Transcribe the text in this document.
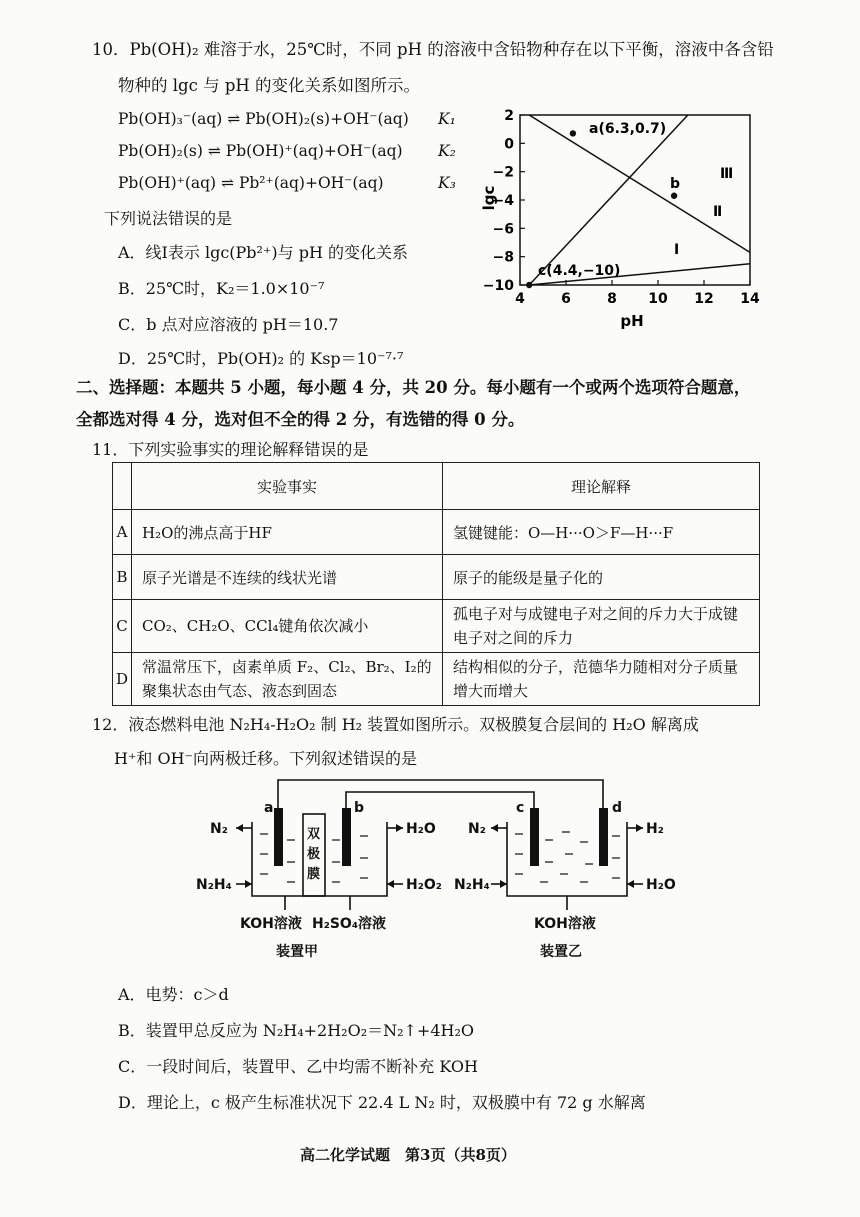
10．Pb(OH)₂ 难溶于水，25℃时，不同 pH 的溶液中含铅物种存在以下平衡，溶液中各含铅
物种的 lgc 与 pH 的变化关系如图所示。
Pb(OH)₃⁻(aq) ⇌ Pb(OH)₂(s)+OH⁻(aq) K₁
Pb(OH)₂(s) ⇌ Pb(OH)⁺(aq)+OH⁻(aq) K₂
Pb(OH)⁺(aq) ⇌ Pb²⁺(aq)+OH⁻(aq)	K₃
下列说法错误的是
A．线Ⅰ表示 lgc(Pb²⁺)与 pH 的变化关系
B．25℃时，K₂＝1.0×10⁻⁷
C．b 点对应溶液的 pH＝10.7
D．25℃时，Pb(OH)₂ 的 Ksp＝10⁻⁷·⁷
4	6	8 10 12 14
2
0
−2
−4
−6
−8
−10
lgc
pH
a(6.3,0.7)
b
c(4.4,−10)
Ⅰ
Ⅱ
Ⅲ
二、选择题：本题共 5 小题，每小题 4 分，共 20 分。每小题有一个或两个选项符合题意，
全都选对得 4 分，选对但不全的得 2 分，有选错的得 0 分。
11．下列实验事实的理论解释错误的是
	实验事实	理论解释
A	H₂O的沸点高于HF	氢键键能：O—H···O＞F—H···F
B	原子光谱是不连续的线状光谱	原子的能级是量子化的
C	CO₂、CH₂O、CCl₄键角依次减小	孤电子对与成键电子对之间的斥力大于成键电子对之间的斥力
D	常温常压下，卤素单质 F₂、Cl₂、Br₂、I₂的聚集状态由气态、液态到固态	结构相似的分子，范德华力随相对分子质量增大而增大
12．液态燃料电池 N₂H₄-H₂O₂ 制 H₂ 装置如图所示。双极膜复合层间的 H₂O 解离成
H⁺和 OH⁻向两极迁移。下列叙述错误的是
a	b	c	d
N₂
N₂H₄
H₂O
H₂O₂
KOH溶液 H₂SO₄溶液
装置甲
N₂
N₂H₄
H₂
H₂O
KOH溶液
装置乙
双
极
膜
A．电势：c＞d
B．装置甲总反应为 N₂H₄+2H₂O₂＝N₂↑+4H₂O
C．一段时间后，装置甲、乙中均需不断补充 KOH
D．理论上，c 极产生标准状况下 22.4 L N₂ 时，双极膜中有 72 g 水解离
高二化学试题　第3页（共8页）
